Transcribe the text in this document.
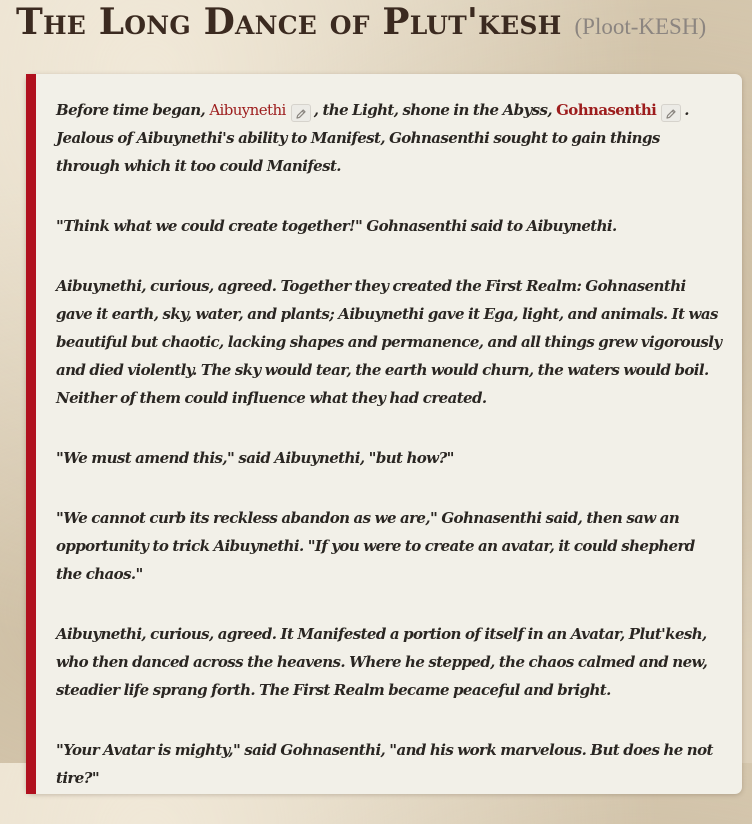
The Long Dance of Plut'kesh (Ploot-KESH)

Before time began, Aibuynethi , the Light, shone in the Abyss, Gohnasenthi . Jealous of Aibuynethi's ability to Manifest, Gohnasenthi sought to gain things through which it too could Manifest.

"Think what we could create together!" Gohnasenthi said to Aibuynethi.

Aibuynethi, curious, agreed. Together they created the First Realm: Gohnasenthi gave it earth, sky, water, and plants; Aibuynethi gave it Ega, light, and animals. It was beautiful but chaotic, lacking shapes and permanence, and all things grew vigorously and died violently. The sky would tear, the earth would churn, the waters would boil. Neither of them could influence what they had created.

"We must amend this," said Aibuynethi, "but how?"

"We cannot curb its reckless abandon as we are," Gohnasenthi said, then saw an opportunity to trick Aibuynethi. "If you were to create an avatar, it could shepherd the chaos."

Aibuynethi, curious, agreed. It Manifested a portion of itself in an Avatar, Plut'kesh, who then danced across the heavens. Where he stepped, the chaos calmed and new, steadier life sprang forth. The First Realm became peaceful and bright.

"Your Avatar is mighty," said Gohnasenthi, "and his work marvelous. But does he not tire?"
